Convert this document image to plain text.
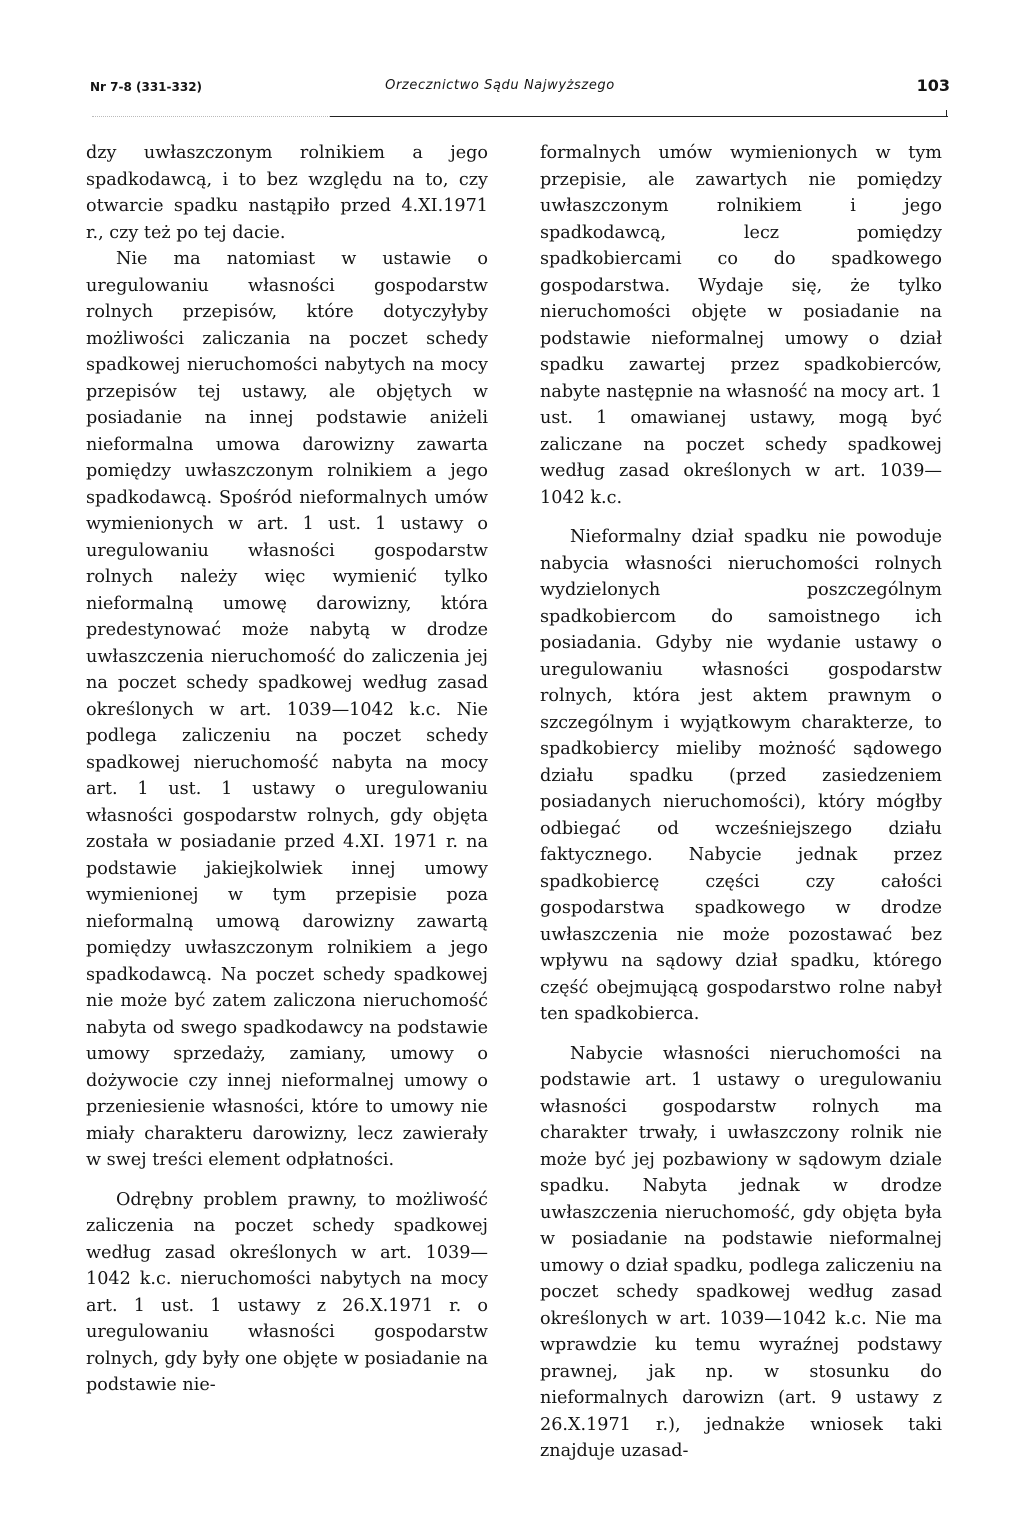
Nr 7-8 (331-332)	Orzecznictwo Sądu Najwyższego	103

dzy uwłaszczonym rolnikiem a jego spadkodawcą, i to bez względu na to, czy otwarcie spadku nastąpiło przed 4.XI.1971 r., czy też po tej dacie.

Nie ma natomiast w ustawie o uregulowaniu własności gospodarstw rolnych przepisów, które dotyczyłyby możliwości zaliczania na poczet schedy spadkowej nieruchomości nabytych na mocy przepisów tej ustawy, ale objętych w posiadanie na innej podstawie aniżeli nieformalna umowa darowizny zawarta pomiędzy uwłaszczonym rolnikiem a jego spadkodawcą. Spośród nieformalnych umów wymienionych w art. 1 ust. 1 ustawy o uregulowaniu własności gospodarstw rolnych należy więc wymienić tylko nieformalną umowę darowizny, która predestynować może nabytą w drodze uwłaszczenia nieruchomość do zaliczenia jej na poczet schedy spadkowej według zasad określonych w art. 1039—1042 k.c. Nie podlega zaliczeniu na poczet schedy spadkowej nieruchomość nabyta na mocy art. 1 ust. 1 ustawy o uregulowaniu własności gospodarstw rolnych, gdy objęta została w posiadanie przed 4.XI. 1971 r. na podstawie jakiejkolwiek innej umowy wymienionej w tym przepisie poza nieformalną umową darowizny zawartą pomiędzy uwłaszczonym rolnikiem a jego spadkodawcą. Na poczet schedy spadkowej nie może być zatem zaliczona nieruchomość nabyta od swego spadkodawcy na podstawie umowy sprzedaży, zamiany, umowy o dożywocie czy innej nieformalnej umowy o przeniesienie własności, które to umowy nie miały charakteru darowizny, lecz zawierały w swej treści element odpłatności.

Odrębny problem prawny, to możliwość zaliczenia na poczet schedy spadkowej według zasad określonych w art. 1039—1042 k.c. nieruchomości nabytych na mocy art. 1 ust. 1 ustawy z 26.X.1971 r. o uregulowaniu własności gospodarstw rolnych, gdy były one objęte w posiadanie na podstawie nie-

formalnych umów wymienionych w tym przepisie, ale zawartych nie pomiędzy uwłaszczonym rolnikiem i jego spadkodawcą, lecz pomiędzy spadkobiercami co do spadkowego gospodarstwa. Wydaje się, że tylko nieruchomości objęte w posiadanie na podstawie nieformalnej umowy o dział spadku zawartej przez spadkobierców, nabyte następnie na własność na mocy art. 1 ust. 1 omawianej ustawy, mogą być zaliczane na poczet schedy spadkowej według zasad określonych w art. 1039—1042 k.c.

Nieformalny dział spadku nie powoduje nabycia własności nieruchomości rolnych wydzielonych poszczególnym spadkobiercom do samoistnego ich posiadania. Gdyby nie wydanie ustawy o uregulowaniu własności gospodarstw rolnych, która jest aktem prawnym o szczególnym i wyjątkowym charakterze, to spadkobiercy mieliby możność sądowego działu spadku (przed zasiedzeniem posiadanych nieruchomości), który mógłby odbiegać od wcześniejszego działu faktycznego. Nabycie jednak przez spadkobiercę części czy całości gospodarstwa spadkowego w drodze uwłaszczenia nie może pozostawać bez wpływu na sądowy dział spadku, którego część obejmującą gospodarstwo rolne nabył ten spadkobierca.

Nabycie własności nieruchomości na podstawie art. 1 ustawy o uregulowaniu własności gospodarstw rolnych ma charakter trwały, i uwłaszczony rolnik nie może być jej pozbawiony w sądowym dziale spadku. Nabyta jednak w drodze uwłaszczenia nieruchomość, gdy objęta była w posiadanie na podstawie nieformalnej umowy o dział spadku, podlega zaliczeniu na poczet schedy spadkowej według zasad określonych w art. 1039—1042 k.c. Nie ma wprawdzie ku temu wyraźnej podstawy prawnej, jak np. w stosunku do nieformalnych darowizn (art. 9 ustawy z 26.X.1971 r.), jednakże wniosek taki znajduje uzasad-
